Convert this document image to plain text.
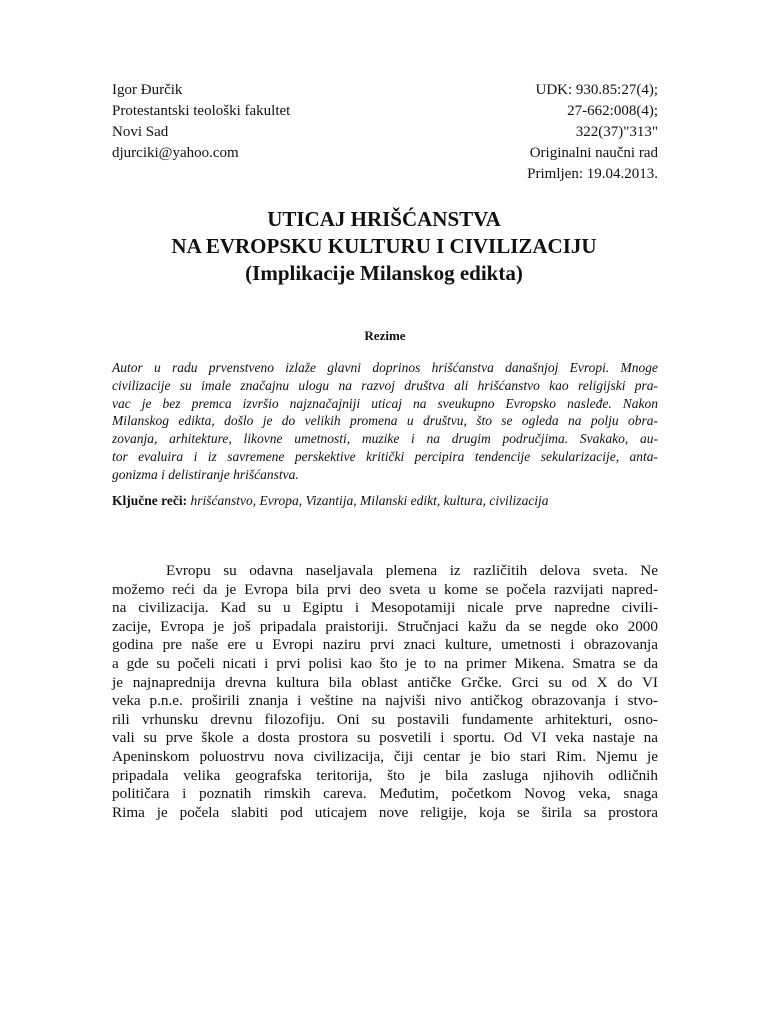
Igor Đurčik
Protestantski teološki fakultet
Novi Sad
djurciki@yahoo.com
UDK: 930.85:27(4);
27-662:008(4);
322(37)"313"
Originalni naučni rad
Primljen: 19.04.2013.
UTICAJ HRIŠĆANSTVA
NA EVROPSKU KULTURU I CIVILIZACIJU
(Implikacije Milanskog edikta)
Rezime
Autor u radu prvenstveno izlaže glavni doprinos hrišćanstva današnjoj Evropi. Mnoge
civilizacije su imale značajnu ulogu na razvoj društva ali hrišćanstvo kao religijski pra-
vac je bez premca izvršio najznačajniji uticaj na sveukupno Evropsko nasleđe. Nakon
Milanskog edikta, došlo je do velikih promena u društvu, što se ogleda na polju obra-
zovanja, arhitekture, likovne umetnosti, muzike i na drugim područjima. Svakako, au-
tor evaluira i iz savremene perskektive kritički percipira tendencije sekularizacije, anta-
gonizma i delistiranje hrišćanstva.
Ključne reči: hrišćanstvo, Evropa, Vizantija, Milanski edikt, kultura, civilizacija
Evropu su odavna naseljavala plemena iz različitih delova sveta. Ne
možemo reći da je Evropa bila prvi deo sveta u kome se počela razvijati napred-
na civilizacija. Kad su u Egiptu i Mesopotamiji nicale prve napredne civili-
zacije, Evropa je još pripadala praistoriji. Stručnjaci kažu da se negde oko 2000
godina pre naše ere u Evropi naziru prvi znaci kulture, umetnosti i obrazovanja
a gde su počeli nicati i prvi polisi kao što je to na primer Mikena. Smatra se da
je najnaprednija drevna kultura bila oblast antičke Grčke. Grci su od X do VI
veka p.n.e. proširili znanja i veštine na najviši nivo antičkog obrazovanja i stvo-
rili vrhunsku drevnu filozofiju. Oni su postavili fundamente arhitekturi, osno-
vali su prve škole a dosta prostora su posvetili i sportu. Od VI veka nastaje na
Apeninskom poluostrvu nova civilizacija, čiji centar je bio stari Rim. Njemu je
pripadala velika geografska teritorija, što je bila zasluga njihovih odličnih
političara i poznatih rimskih careva. Međutim, početkom Novog veka, snaga
Rima je počela slabiti pod uticajem nove religije, koja se širila sa prostora
